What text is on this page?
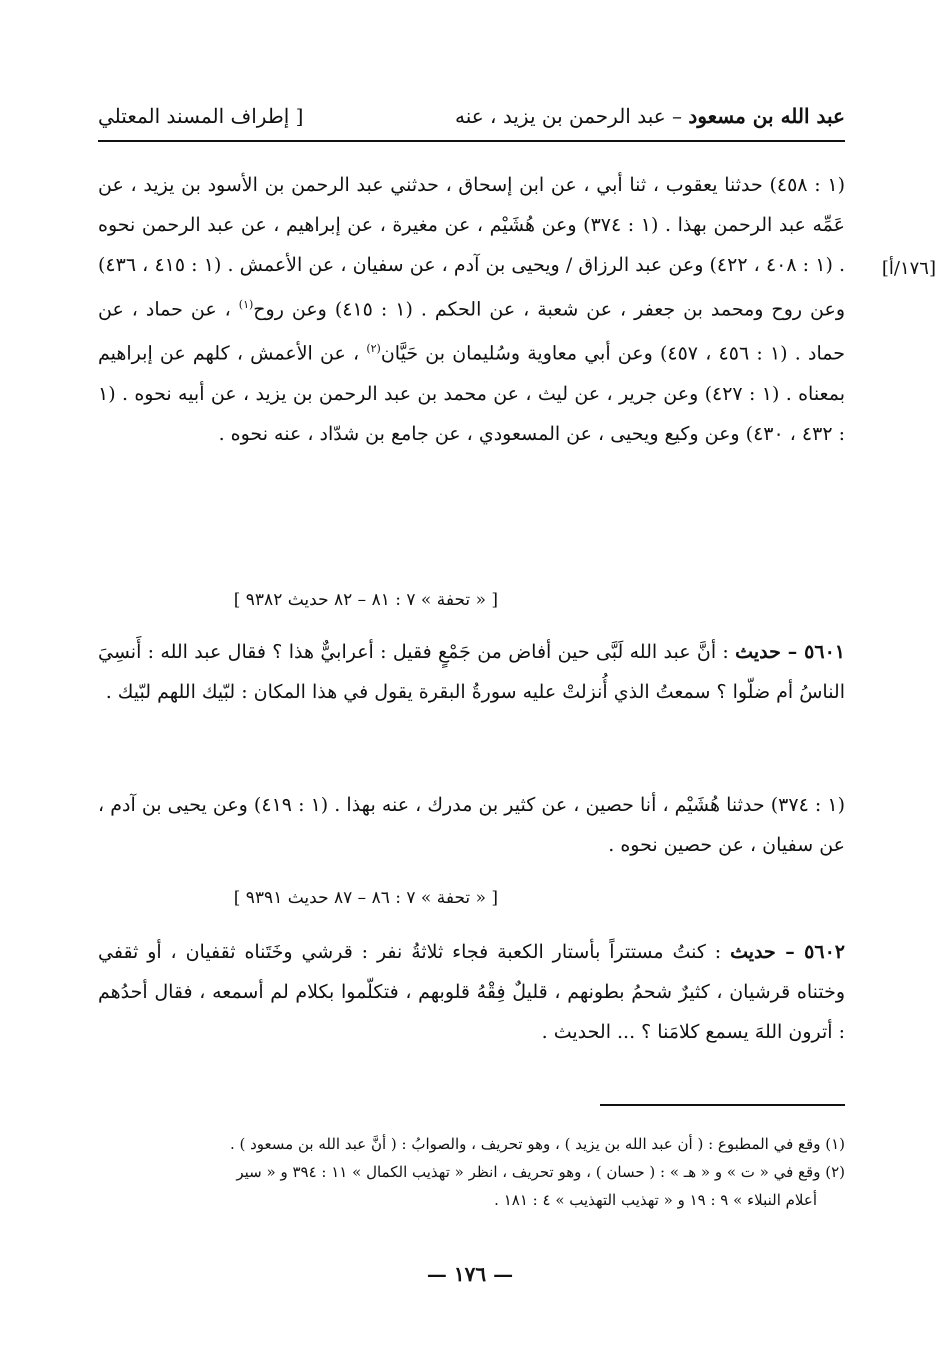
عبد الله بن مسعود – عبد الرحمن بن يزيد ، عنه
[ إطراف المسند المعتلي
[١٧٦/أ]

(١ : ٤٥٨) حدثنا يعقوب ، ثنا أبي ، عن ابن إسحاق ، حدثني عبد الرحمن بن الأسود بن يزيد ، عن عَمِّه عبد الرحمن بهذا . (١ : ٣٧٤) وعن هُشَيْم ، عن مغيرة ، عن إبراهيم ، عن عبد الرحمن نحوه . (١ : ٤٠٨ ، ٤٢٢) وعن عبد الرزاق / ويحيى بن آدم ، عن سفيان ، عن الأعمش . (١ : ٤١٥ ، ٤٣٦) وعن روح ومحمد بن جعفر ، عن شعبة ، عن الحكم . (١ : ٤١٥) وعن روح$^{(١)}$ ، عن حماد ، عن حماد . (١ : ٤٥٦ ، ٤٥٧) وعن أبي معاوية وسُليمان بن حَيَّان$^{(٢)}$ ، عن الأعمش ، كلهم عن إبراهيم بمعناه . (١ : ٤٢٧) وعن جرير ، عن ليث ، عن محمد بن عبد الرحمن بن يزيد ، عن أبيه نحوه . (١ : ٤٣٢ ، ٤٣٠) وعن وكيع ويحيى ، عن المسعودي ، عن جامع بن شدّاد ، عنه نحوه .

[ « تحفة » ٧ : ٨١ – ٨٢ حديث ٩٣٨٢ ]

٥٦٠١ – حديث : أنَّ عبد الله لَبَّى حين أفاض من جَمْعٍ فقيل : أعرابيٌّ هذا ؟ فقال عبد الله : أَنسِيَ الناسُ أم ضلّوا ؟ سمعتُ الذي أُنزلتْ عليه سورةُ البقرة يقول في هذا المكان : لبّيك اللهم لبّيك .

(١ : ٣٧٤) حدثنا هُشَيْم ، أنا حصين ، عن كثير بن مدرك ، عنه بهذا . (١ : ٤١٩) وعن يحيى بن آدم ، عن سفيان ، عن حصين نحوه .

[ « تحفة » ٧ : ٨٦ – ٨٧ حديث ٩٣٩١ ]

٥٦٠٢ – حديث : كنتُ مستتراً بأستار الكعبة فجاء ثلاثةُ نفر : قرشي وخَتَناه ثقفيان ، أو ثقفي وختناه قرشيان ، كثيرٌ شحمُ بطونهم ، قليلٌ فِقْهُ قلوبهم ، فتكلّموا بكلام لم أسمعه ، فقال أحدُهم : أترون اللهَ يسمع كلامَنا ؟ ... الحديث .

(١) وقع في المطبوع : ( أن عبد الله بن يزيد ) ، وهو تحريف ، والصوابُ : ( أنَّ عبد الله بن مسعود ) .

(٢) وقع في « ت » و « هـ » : ( حسان ) ، وهو تحريف ، انظر « تهذيب الكمال » ١١ : ٣٩٤ و « سير

أعلام النبلاء » ٩ : ١٩ و « تهذيب التهذيب » ٤ : ١٨١ .

— ١٧٦ —
